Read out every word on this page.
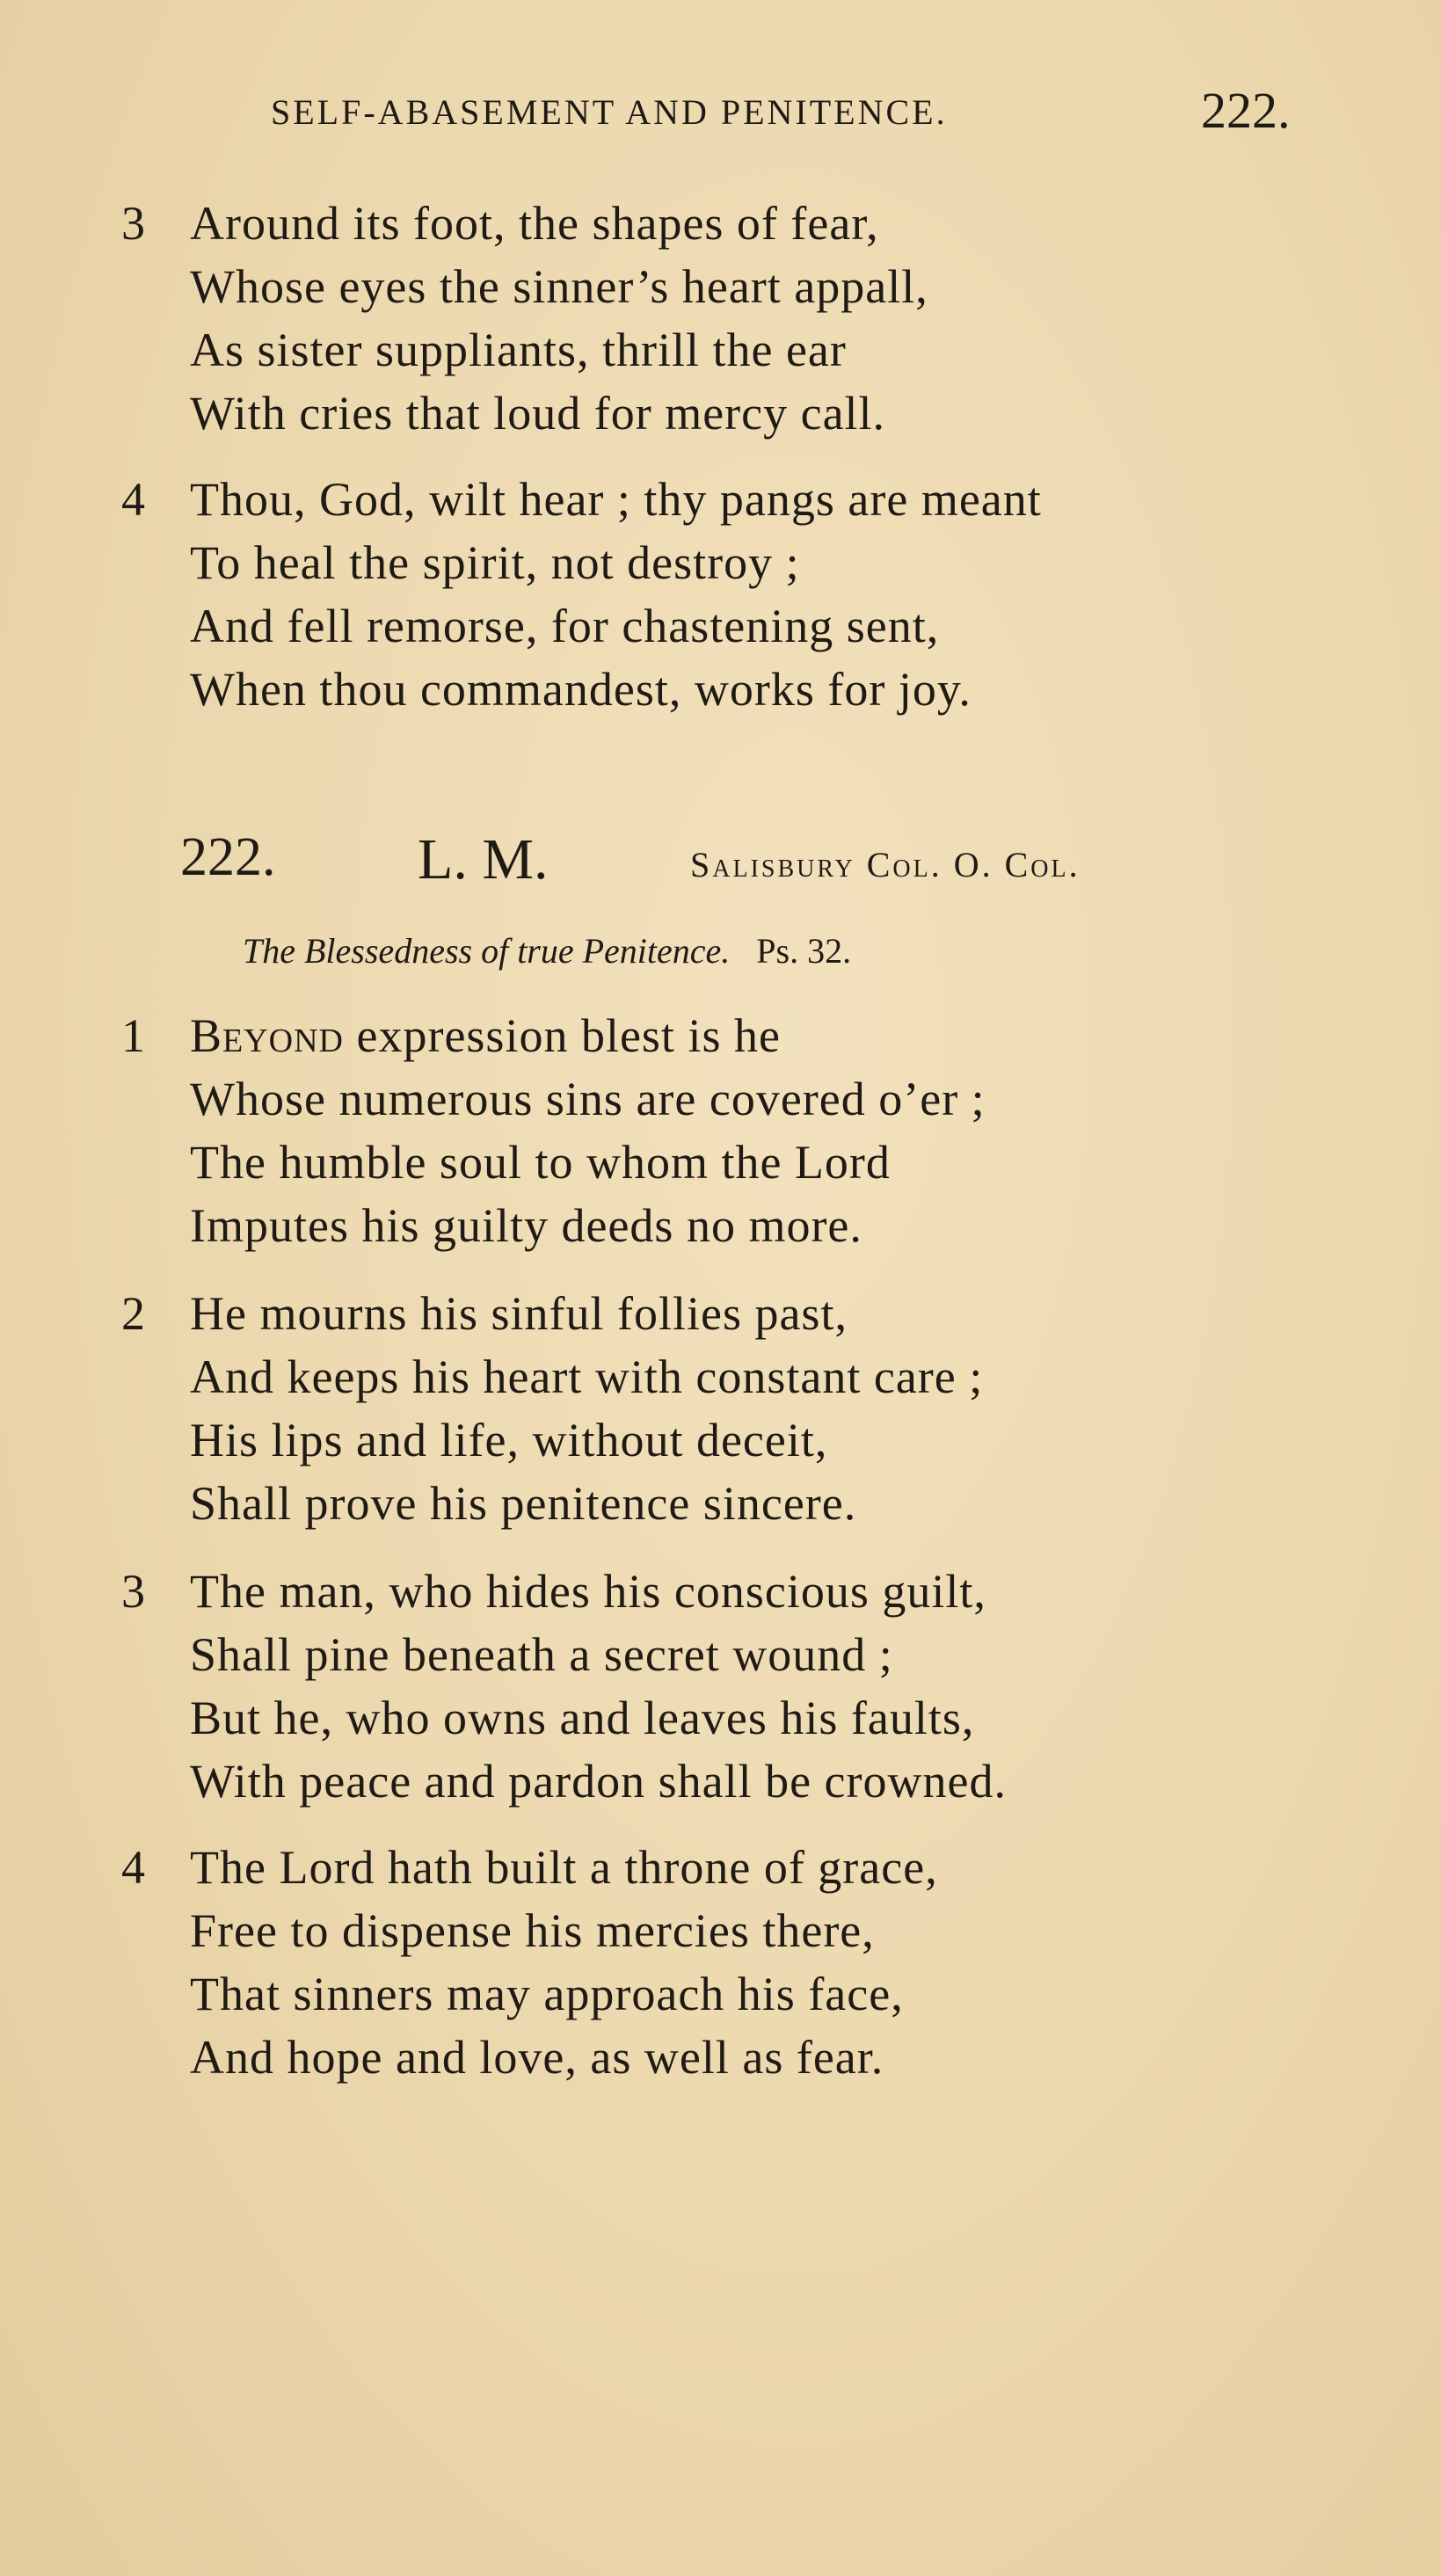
SELF-ABASEMENT AND PENITENCE.	222.
3 Around its foot, the shapes of fear,
Whose eyes the sinner’s heart appall,
As sister suppliants, thrill the ear
With cries that loud for mercy call.
4 Thou, God, wilt hear ; thy pangs are meant
To heal the spirit, not destroy ;
And fell remorse, for chastening sent,
When thou commandest, works for joy.
222. L. M.	Salisbury Col. O. Col.
The Blessedness of true Penitence. Ps. 32.
1 Beyond expression blest is he
Whose numerous sins are covered o’er ;
The humble soul to whom the Lord
Imputes his guilty deeds no more.
2 He mourns his sinful follies past,
And keeps his heart with constant care ;
His lips and life, without deceit,
Shall prove his penitence sincere.
3 The man, who hides his conscious guilt,
Shall pine beneath a secret wound ;
But he, who owns and leaves his faults,
With peace and pardon shall be crowned.
4 The Lord hath built a throne of grace,
Free to dispense his mercies there,
That sinners may approach his face,
And hope and love, as well as fear.
